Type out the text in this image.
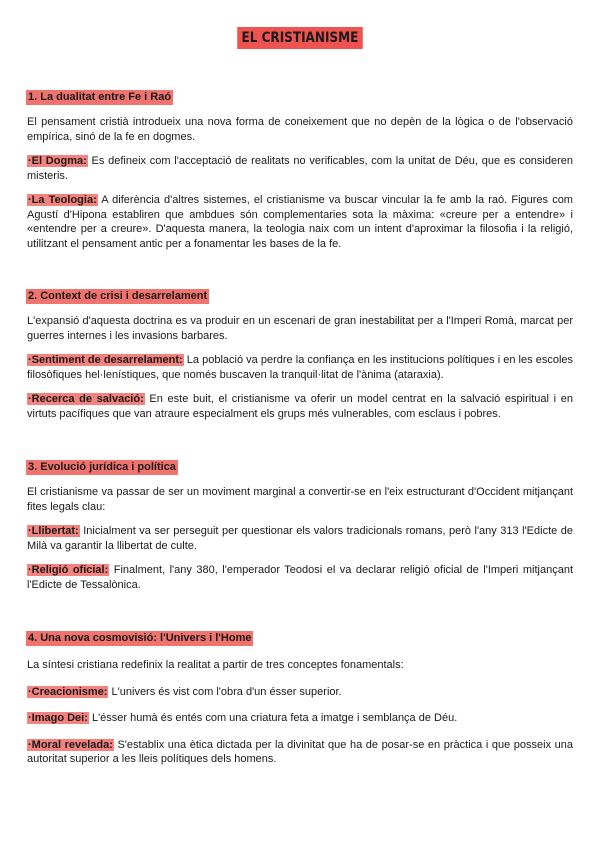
EL CRISTIANISME
1. La dualitat entre Fe i Raó

El pensament cristià introdueix una nova forma de coneixement que no depèn de la lògica o de l'observació empírica, sinó de la fe en dogmes.

·El Dogma: Es defineix com l'acceptació de realitats no verificables, com la unitat de Déu, que es consideren misteris.

·La Teologia: A diferència d'altres sistemes, el cristianisme va buscar vincular la fe amb la raó. Figures com Agustí d'Hipona establiren que ambdues són complementaries sota la màxima: «creure per a entendre» i «entendre per a creure». D'aquesta manera, la teologia naix com un intent d'aproximar la filosofia i la religió, utilitzant el pensament antic per a fonamentar les bases de la fe.

2. Context de crisi i desarrelament

L'expansió d'aquesta doctrina es va produir en un escenari de gran inestabilitat per a l'Imperi Romà, marcat per guerres internes i les invasions barbares.

·Sentiment de desarrelament: La població va perdre la confiança en les institucions polítiques i en les escoles filosòfiques hel·lenístiques, que només buscaven la tranquil·litat de l'ànima (ataraxia).

·Recerca de salvació: En este buit, el cristianisme va oferir un model centrat en la salvació espiritual i en virtuts pacífiques que van atraure especialment els grups més vulnerables, com esclaus i pobres.

3. Evolució jurídica i política

El cristianisme va passar de ser un moviment marginal a convertir-se en l'eix estructurant d'Occident mitjançant fites legals clau:

·Llibertat: Inicialment va ser perseguit per questionar els valors tradicionals romans, però l'any 313 l'Edicte de Milà va garantir la llibertat de culte.

·Religió oficial: Finalment, l'any 380, l'emperador Teodosi el va declarar religió oficial de l'Imperi mitjançant l'Edicte de Tessalònica.

4. Una nova cosmovisió: l'Univers i l'Home

La síntesi cristiana redefinix la realitat a partir de tres conceptes fonamentals:

·Creacionisme: L'univers és vist com l'obra d'un ésser superior.

·Imago Dei: L'ésser humà és entés com una criatura feta a imatge i semblança de Déu.

·Moral revelada: S'establix una ètica dictada per la divinitat que ha de posar-se en pràctica i que posseix una autoritat superior a les lleis polítiques dels homens.
